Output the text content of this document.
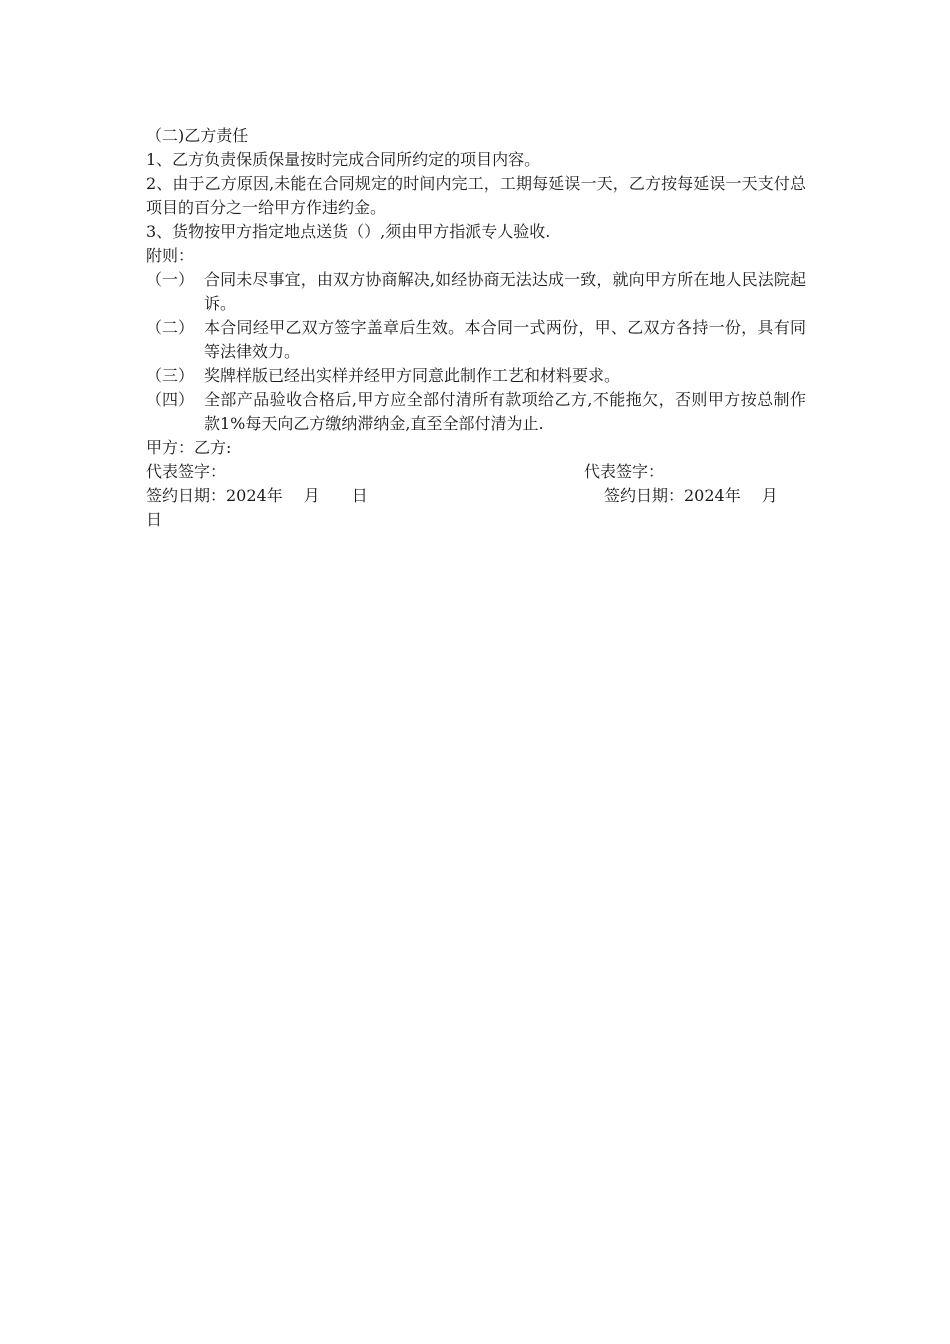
（二)乙方责任
1、乙方负责保质保量按时完成合同所约定的项目内容。
2、由于乙方原因,未能在合同规定的时间内完工，工期每延误一天，乙方按每延误一天支付总项目的百分之一给甲方作违约金。
3、货物按甲方指定地点送货（）,须由甲方指派专人验收.
附则：
（一） 合同未尽事宜，由双方协商解决,如经协商无法达成一致，就向甲方所在地人民法院起诉。
（二） 本合同经甲乙双方签字盖章后生效。本合同一式两份，甲、乙双方各持一份，具有同等法律效力。
（三） 奖牌样版已经出实样并经甲方同意此制作工艺和材料要求。
（四） 全部产品验收合格后,甲方应全部付清所有款项给乙方,不能拖欠，否则甲方按总制作款1%每天向乙方缴纳滞纳金,直至全部付清为止.
甲方：乙方:
代表签字：	代表签字：
签约日期：2024年　 月　　日	签约日期：2024年　 月
日
